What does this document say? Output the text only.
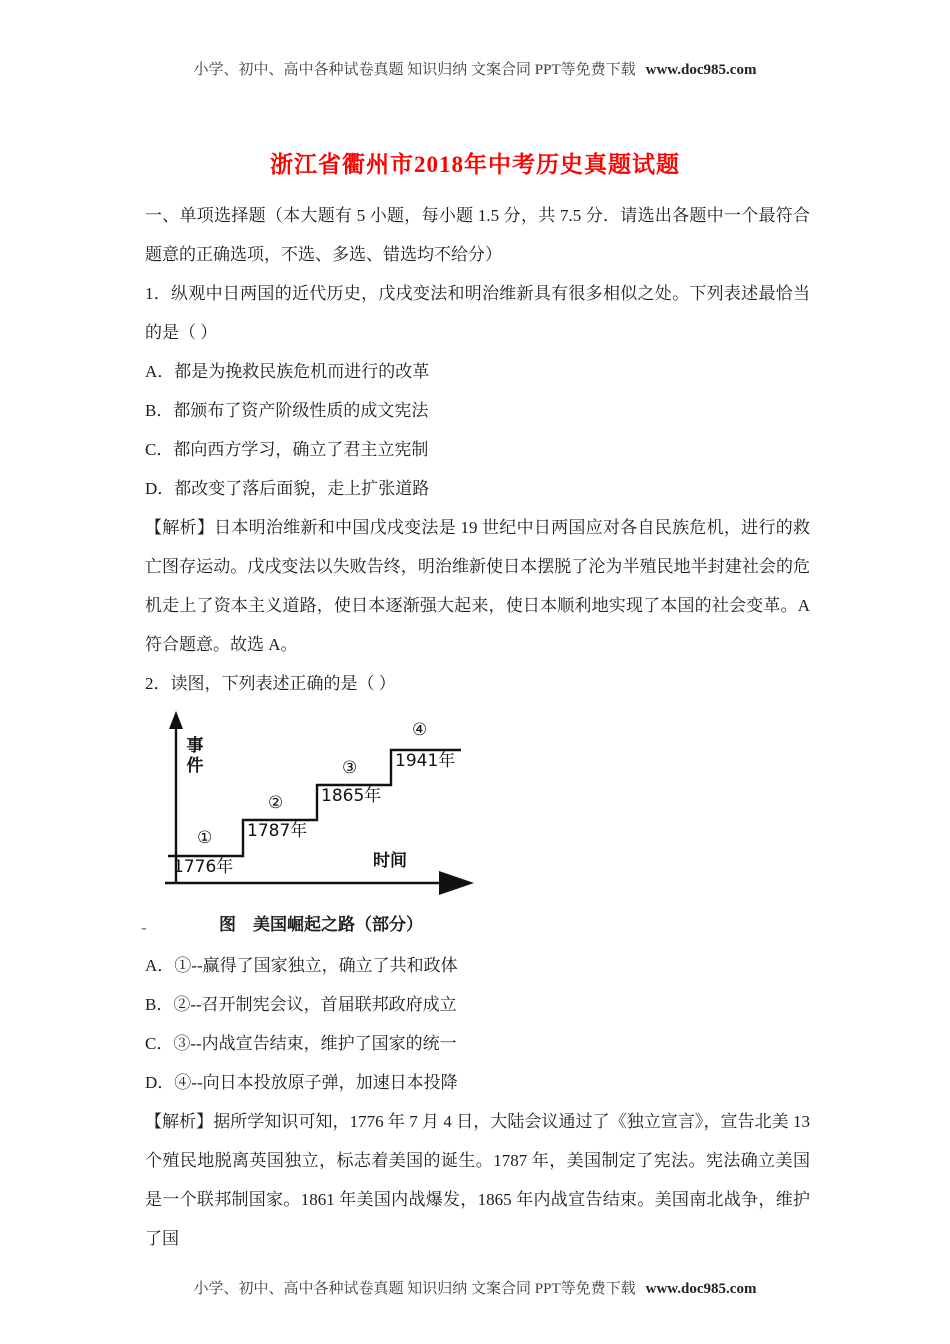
小学、初中、高中各种试卷真题 知识归纳 文案合同 PPT等免费下载 www.doc985.com
浙江省衢州市2018年中考历史真题试题

一、单项选择题（本大题有 5 小题，每小题 1.5 分，共 7.5 分．请选出各题中一个最符合题意的正确选项，不选、多选、错选均不给分）

1．纵观中日两国的近代历史，戊戌变法和明治维新具有很多相似之处。下列表述最恰当的是（ ）

A．都是为挽救民族危机而进行的改革

B．都颁布了资产阶级性质的成文宪法

C．都向西方学习，确立了君主立宪制

D．都改变了落后面貌，走上扩张道路

【解析】日本明治维新和中国戊戌变法是 19 世纪中日两国应对各自民族危机，进行的救亡图存运动。戊戌变法以失败告终，明治维新使日本摆脱了沦为半殖民地半封建社会的危机走上了资本主义道路，使日本逐渐强大起来，使日本顺利地实现了本国的社会变革。A 符合题意。故选 A。

2．读图，下列表述正确的是（ ）

事件
时间
①
1776年
②
1787年
③
1865年
④
1941年
-	图　美国崛起之路（部分）

A．①--赢得了国家独立，确立了共和政体

B．②--召开制宪会议，首届联邦政府成立

C．③--内战宣告结束，维护了国家的统一

D．④--向日本投放原子弹，加速日本投降

【解析】据所学知识可知，1776 年 7 月 4 日，大陆会议通过了《独立宣言》，宣告北美 13 个殖民地脱离英国独立，标志着美国的诞生。1787 年，美国制定了宪法。宪法确立美国是一个联邦制国家。1861 年美国内战爆发，1865 年内战宣告结束。美国南北战争，维护了国

小学、初中、高中各种试卷真题 知识归纳 文案合同 PPT等免费下载 www.doc985.com
